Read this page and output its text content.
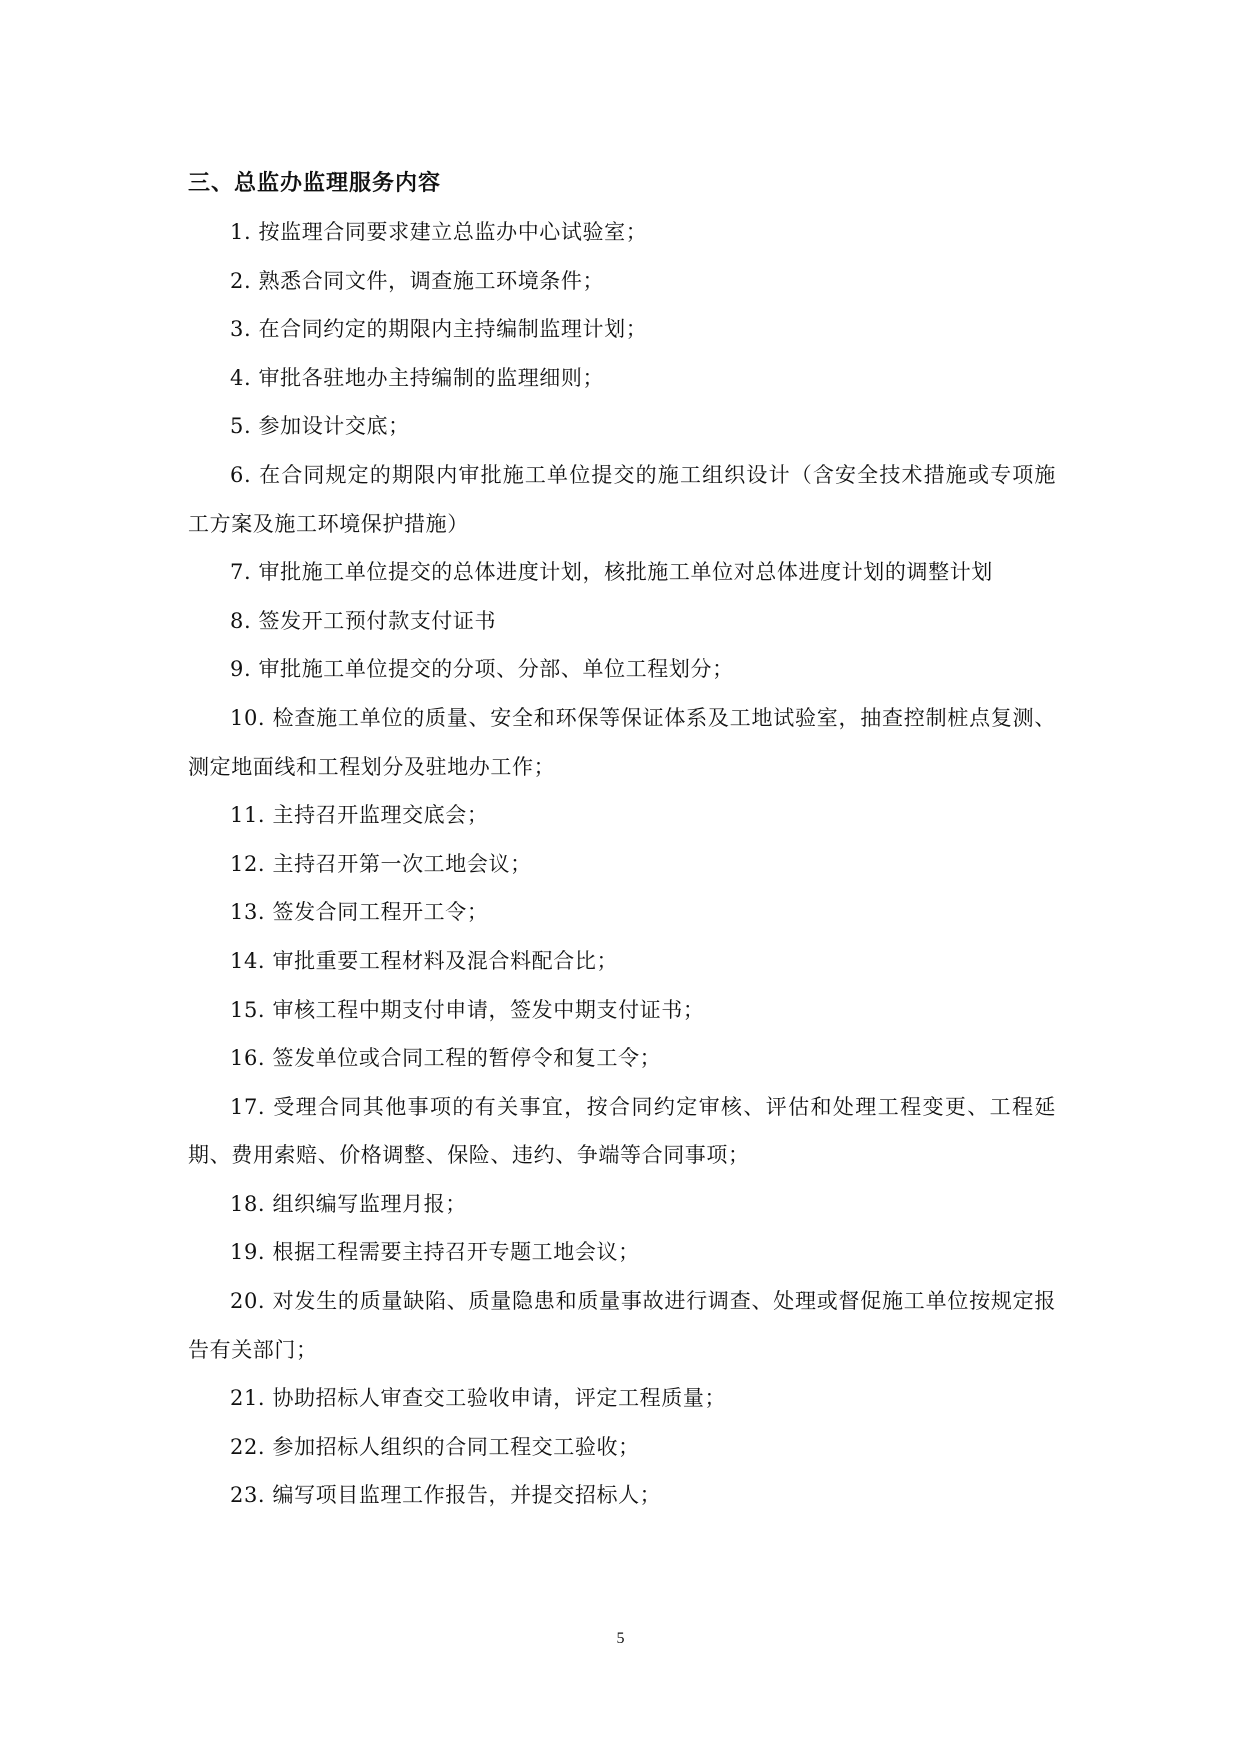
三、总监办监理服务内容

1. 按监理合同要求建立总监办中心试验室；

2. 熟悉合同文件，调查施工环境条件；

3. 在合同约定的期限内主持编制监理计划；

4. 审批各驻地办主持编制的监理细则；

5. 参加设计交底；

6. 在合同规定的期限内审批施工单位提交的施工组织设计（含安全技术措施或专项施工方案及施工环境保护措施）

7. 审批施工单位提交的总体进度计划，核批施工单位对总体进度计划的调整计划

8. 签发开工预付款支付证书

9. 审批施工单位提交的分项、分部、单位工程划分；

10. 检查施工单位的质量、安全和环保等保证体系及工地试验室，抽查控制桩点复测、测定地面线和工程划分及驻地办工作；

11. 主持召开监理交底会；

12. 主持召开第一次工地会议；

13. 签发合同工程开工令；

14. 审批重要工程材料及混合料配合比；

15. 审核工程中期支付申请，签发中期支付证书；

16. 签发单位或合同工程的暂停令和复工令；

17. 受理合同其他事项的有关事宜，按合同约定审核、评估和处理工程变更、工程延期、费用索赔、价格调整、保险、违约、争端等合同事项；

18. 组织编写监理月报；

19. 根据工程需要主持召开专题工地会议；

20. 对发生的质量缺陷、质量隐患和质量事故进行调查、处理或督促施工单位按规定报告有关部门；

21. 协助招标人审查交工验收申请，评定工程质量；

22. 参加招标人组织的合同工程交工验收；

23. 编写项目监理工作报告，并提交招标人；

5
